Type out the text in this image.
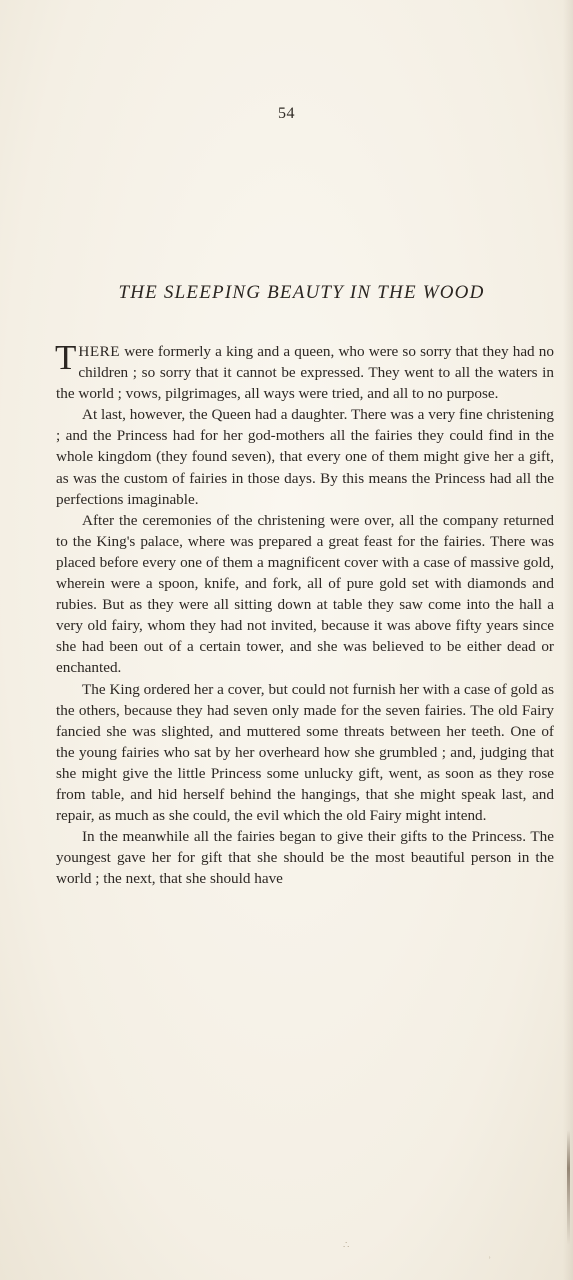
54
THE SLEEPING BEAUTY IN THE WOOD

THERE were formerly a king and a queen, who were so sorry that they had no children ; so sorry that it cannot be expressed. They went to all the waters in the world ; vows, pilgrimages, all ways were tried, and all to no purpose.

At last, however, the Queen had a daughter. There was a very fine christening ; and the Princess had for her god-mothers all the fairies they could find in the whole kingdom (they found seven), that every one of them might give her a gift, as was the custom of fairies in those days. By this means the Princess had all the perfections imaginable.

After the ceremonies of the christening were over, all the company returned to the King's palace, where was prepared a great feast for the fairies. There was placed before every one of them a magnificent cover with a case of massive gold, wherein were a spoon, knife, and fork, all of pure gold set with diamonds and rubies. But as they were all sitting down at table they saw come into the hall a very old fairy, whom they had not invited, because it was above fifty years since she had been out of a certain tower, and she was believed to be either dead or enchanted.

The King ordered her a cover, but could not furnish her with a case of gold as the others, because they had seven only made for the seven fairies. The old Fairy fancied she was slighted, and muttered some threats between her teeth. One of the young fairies who sat by her overheard how she grumbled ; and, judging that she might give the little Princess some unlucky gift, went, as soon as they rose from table, and hid herself behind the hangings, that she might speak last, and repair, as much as she could, the evil which the old Fairy might intend.

In the meanwhile all the fairies began to give their gifts to the Princess. The youngest gave her for gift that she should be the most beautiful person in the world ; the next, that she should have

∴
ʾ
